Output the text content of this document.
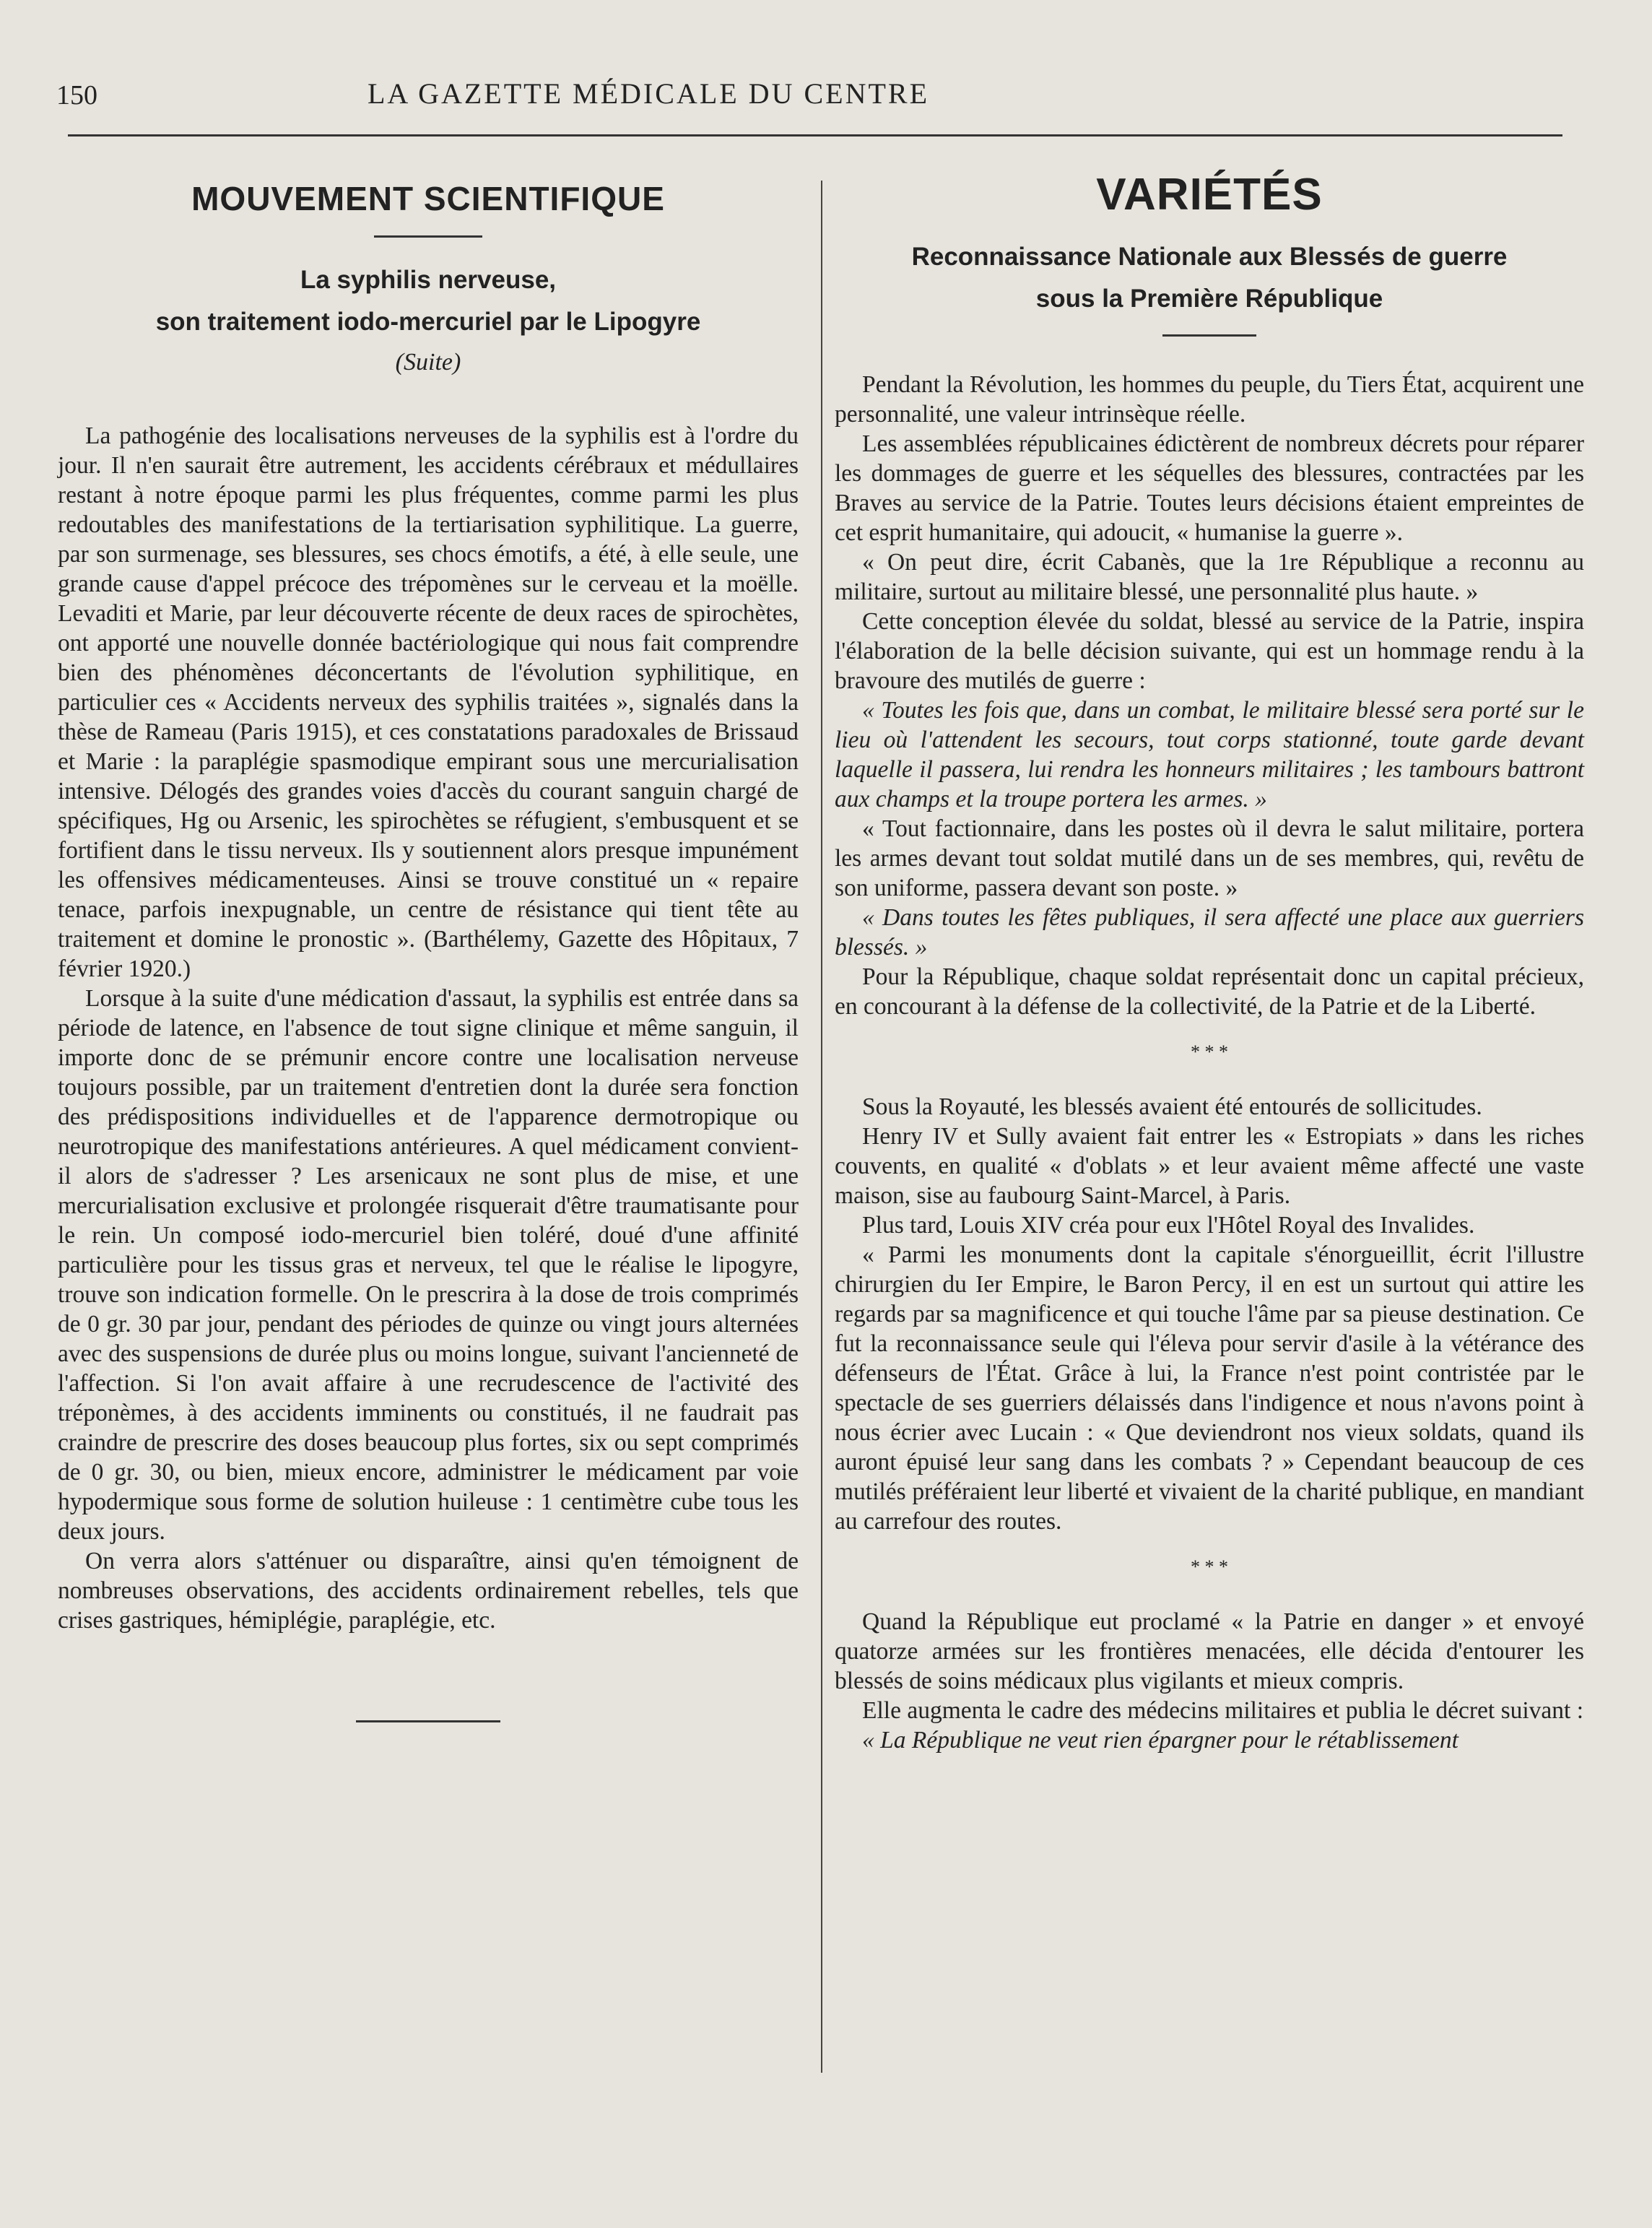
150	LA GAZETTE MÉDICALE DU CENTRE
MOUVEMENT SCIENTIFIQUE
La syphilis nerveuse,
son traitement iodo-mercuriel par le Lipogyre
(Suite)

La pathogénie des localisations nerveuses de la syphilis est à l'ordre du jour. Il n'en saurait être autrement, les accidents cérébraux et médullaires restant à notre époque parmi les plus fréquentes, comme parmi les plus redoutables des manifestations de la tertiarisation syphilitique. La guerre, par son surmenage, ses blessures, ses chocs émotifs, a été, à elle seule, une grande cause d'appel précoce des trépomènes sur le cerveau et la moëlle. Levaditi et Marie, par leur découverte récente de deux races de spirochètes, ont apporté une nouvelle donnée bactériologique qui nous fait comprendre bien des phénomènes déconcertants de l'évolution syphilitique, en particulier ces « Accidents nerveux des syphilis traitées », signalés dans la thèse de Rameau (Paris 1915), et ces constatations paradoxales de Brissaud et Marie : la paraplégie spasmodique empirant sous une mercurialisation intensive. Délogés des grandes voies d'accès du courant sanguin chargé de spécifiques, Hg ou Arsenic, les spirochètes se réfugient, s'embusquent et se fortifient dans le tissu nerveux. Ils y soutiennent alors presque impunément les offensives médicamenteuses. Ainsi se trouve constitué un « repaire tenace, parfois inexpugnable, un centre de résistance qui tient tête au traitement et domine le pronostic ». (Barthélemy, Gazette des Hôpitaux, 7 février 1920.)

Lorsque à la suite d'une médication d'assaut, la syphilis est entrée dans sa période de latence, en l'absence de tout signe clinique et même sanguin, il importe donc de se prémunir encore contre une localisation nerveuse toujours possible, par un traitement d'entretien dont la durée sera fonction des prédispositions individuelles et de l'apparence dermotropique ou neurotropique des manifestations antérieures. A quel médicament convient-il alors de s'adresser ? Les arsenicaux ne sont plus de mise, et une mercurialisation exclusive et prolongée risquerait d'être traumatisante pour le rein. Un composé iodo-mercuriel bien toléré, doué d'une affinité particulière pour les tissus gras et nerveux, tel que le réalise le lipogyre, trouve son indication formelle. On le prescrira à la dose de trois comprimés de 0 gr. 30 par jour, pendant des périodes de quinze ou vingt jours alternées avec des suspensions de durée plus ou moins longue, suivant l'ancienneté de l'affection. Si l'on avait affaire à une recrudescence de l'activité des tréponèmes, à des accidents imminents ou constitués, il ne faudrait pas craindre de prescrire des doses beaucoup plus fortes, six ou sept comprimés de 0 gr. 30, ou bien, mieux encore, administrer le médicament par voie hypodermique sous forme de solution huileuse : 1 centimètre cube tous les deux jours.

On verra alors s'atténuer ou disparaître, ainsi qu'en témoignent de nombreuses observations, des accidents ordinairement rebelles, tels que crises gastriques, hémiplégie, paraplégie, etc.

VARIÉTÉS
Reconnaissance Nationale aux Blessés de guerre
sous la Première République

Pendant la Révolution, les hommes du peuple, du Tiers État, acquirent une personnalité, une valeur intrinsèque réelle.

Les assemblées républicaines édictèrent de nombreux décrets pour réparer les dommages de guerre et les séquelles des blessures, contractées par les Braves au service de la Patrie. Toutes leurs décisions étaient empreintes de cet esprit humanitaire, qui adoucit, « humanise la guerre ».

« On peut dire, écrit Cabanès, que la 1re République a reconnu au militaire, surtout au militaire blessé, une personnalité plus haute. »

Cette conception élevée du soldat, blessé au service de la Patrie, inspira l'élaboration de la belle décision suivante, qui est un hommage rendu à la bravoure des mutilés de guerre :

« Toutes les fois que, dans un combat, le militaire blessé sera porté sur le lieu où l'attendent les secours, tout corps stationné, toute garde devant laquelle il passera, lui rendra les honneurs militaires ; les tambours battront aux champs et la troupe portera les armes. »

« Tout factionnaire, dans les postes où il devra le salut militaire, portera les armes devant tout soldat mutilé dans un de ses membres, qui, revêtu de son uniforme, passera devant son poste. »

« Dans toutes les fêtes publiques, il sera affecté une place aux guerriers blessés. »

Pour la République, chaque soldat représentait donc un capital précieux, en concourant à la défense de la collectivité, de la Patrie et de la Liberté.

* * *

Sous la Royauté, les blessés avaient été entourés de sollicitudes.

Henry IV et Sully avaient fait entrer les « Estropiats » dans les riches couvents, en qualité « d'oblats » et leur avaient même affecté une vaste maison, sise au faubourg Saint-Marcel, à Paris.

Plus tard, Louis XIV créa pour eux l'Hôtel Royal des Invalides.

« Parmi les monuments dont la capitale s'énorgueillit, écrit l'illustre chirurgien du Ier Empire, le Baron Percy, il en est un surtout qui attire les regards par sa magnificence et qui touche l'âme par sa pieuse destination. Ce fut la reconnaissance seule qui l'éleva pour servir d'asile à la vétérance des défenseurs de l'État. Grâce à lui, la France n'est point contristée par le spectacle de ses guerriers délaissés dans l'indigence et nous n'avons point à nous écrier avec Lucain : « Que deviendront nos vieux soldats, quand ils auront épuisé leur sang dans les combats ? » Cependant beaucoup de ces mutilés préféraient leur liberté et vivaient de la charité publique, en mandiant au carrefour des routes.

* * *

Quand la République eut proclamé « la Patrie en danger » et envoyé quatorze armées sur les frontières menacées, elle décida d'entourer les blessés de soins médicaux plus vigilants et mieux compris.

Elle augmenta le cadre des médecins militaires et publia le décret suivant :

« La République ne veut rien épargner pour le rétablissement
